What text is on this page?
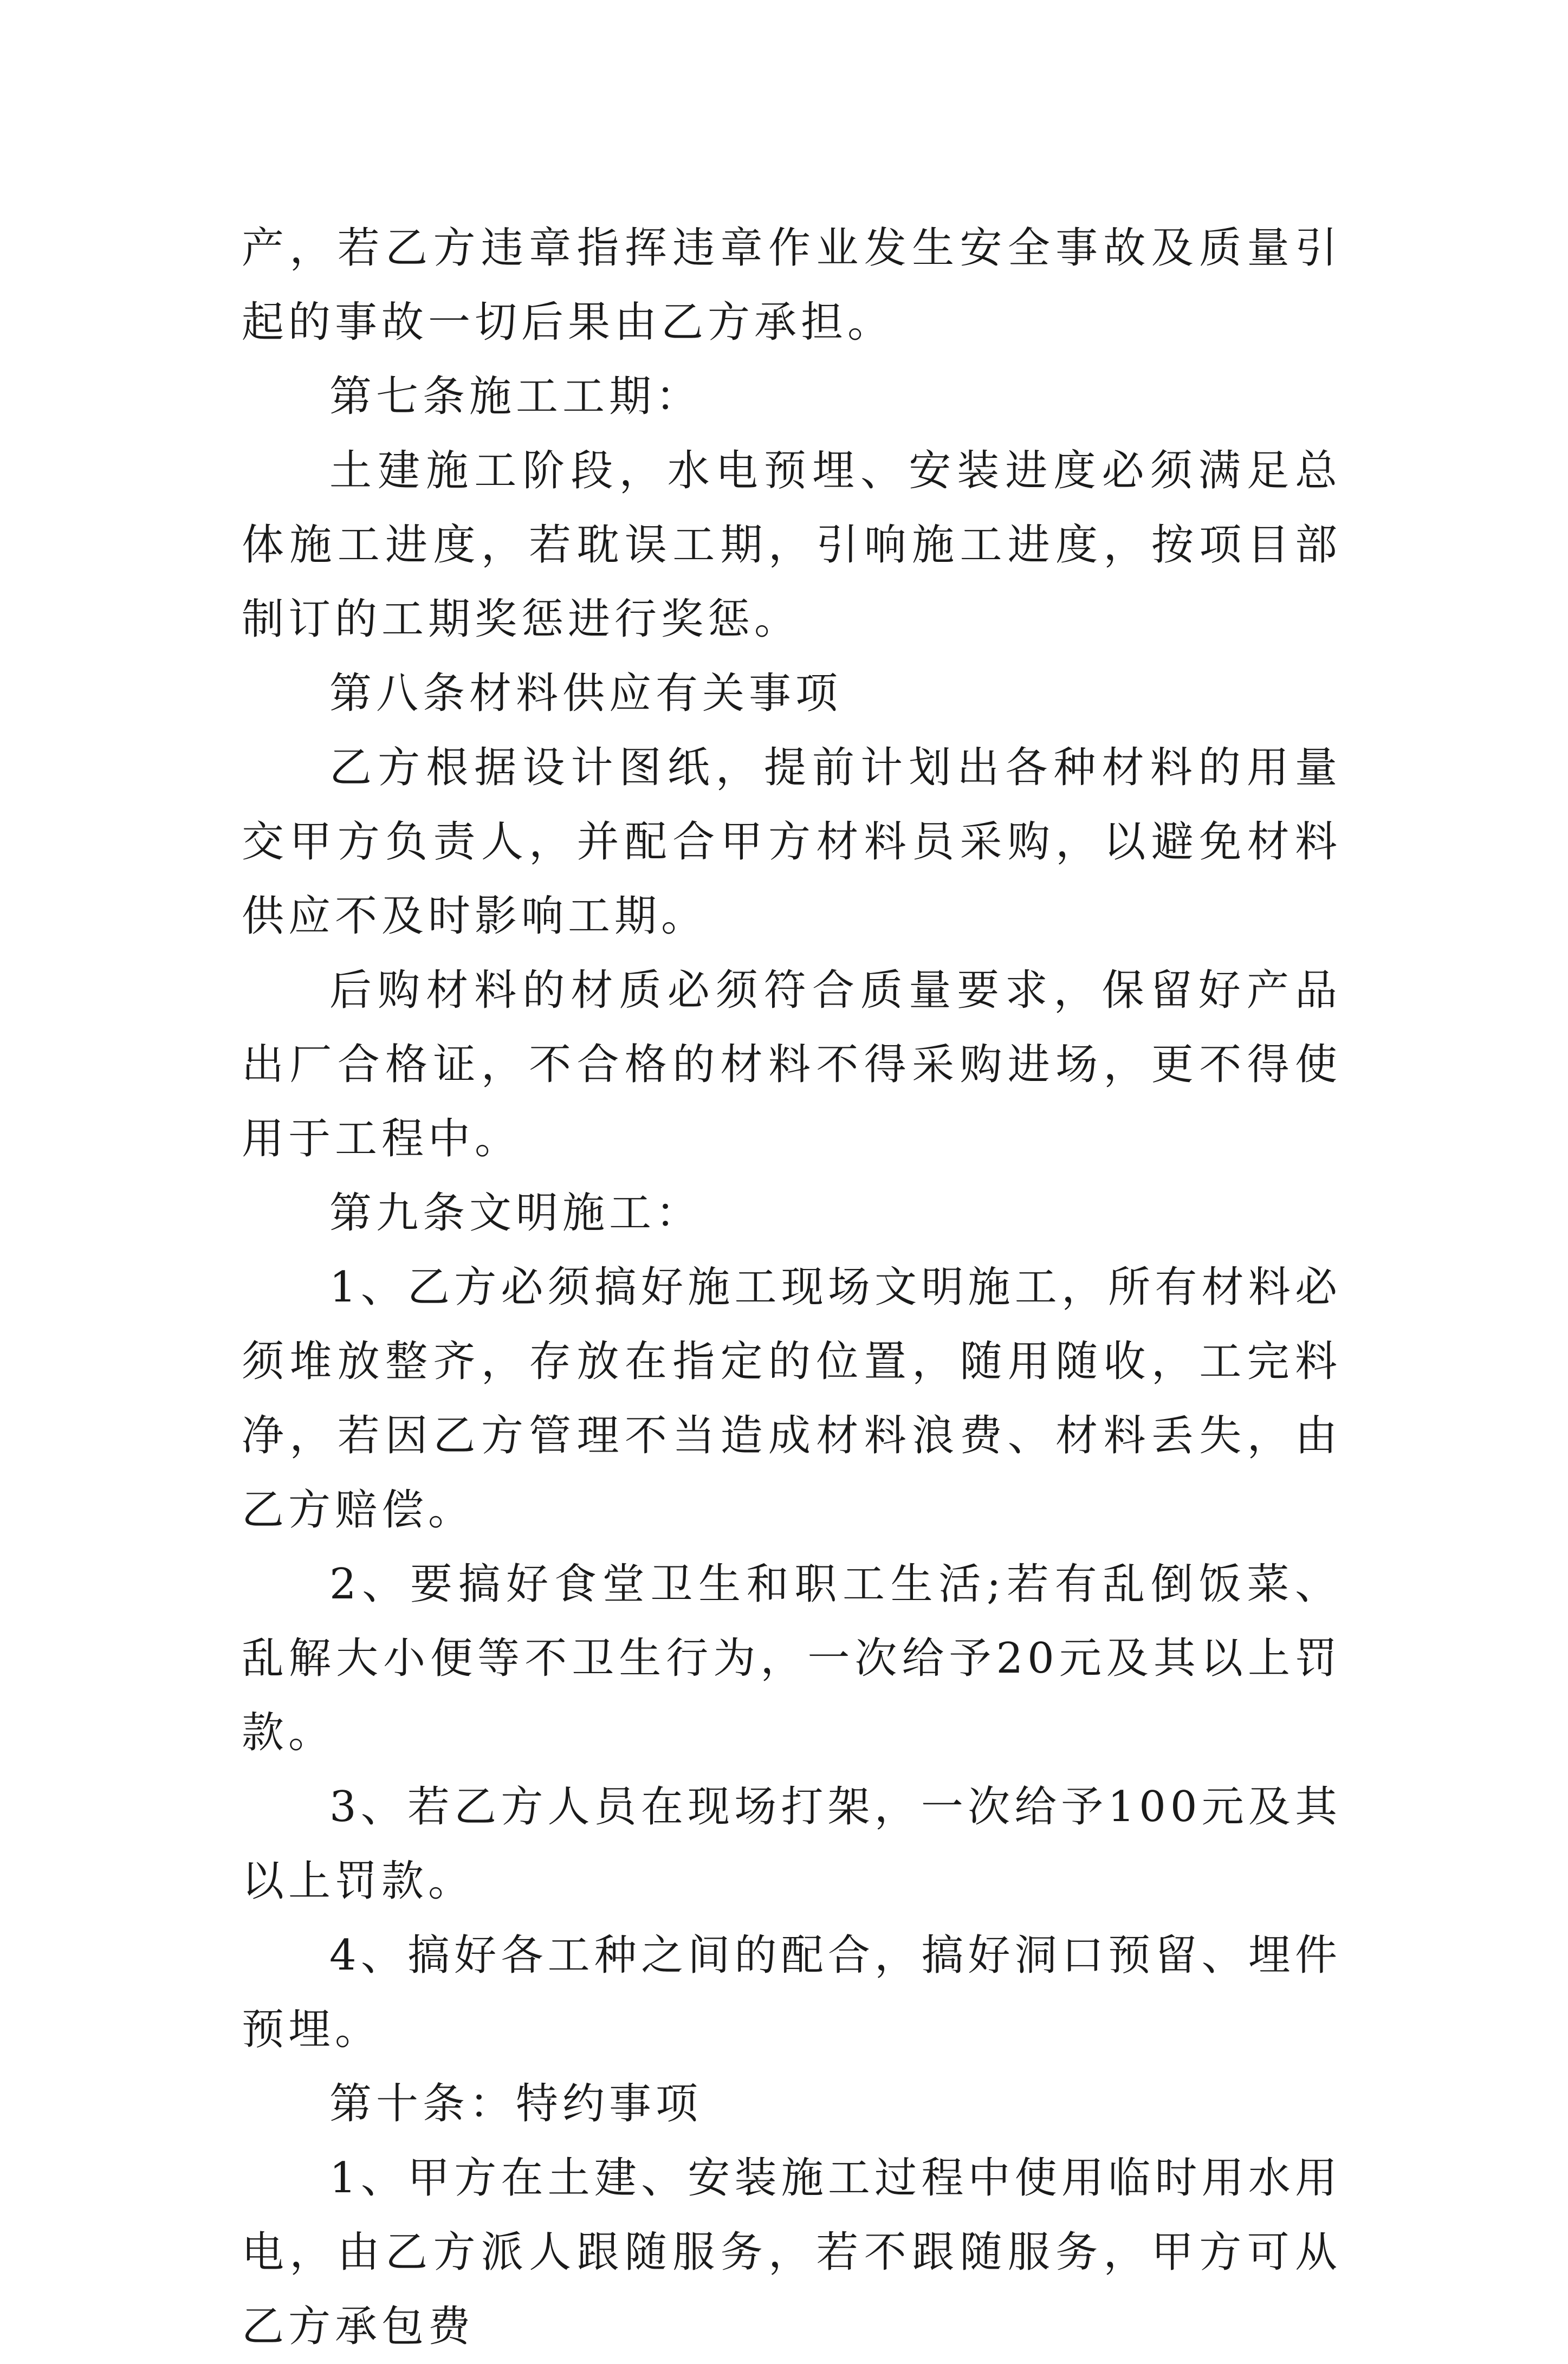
产，若乙方违章指挥违章作业发生安全事故及质量引起的事故一切后果由乙方承担。

第七条施工工期：

土建施工阶段，水电预埋、安装进度必须满足总体施工进度，若耽误工期，引响施工进度，按项目部制订的工期奖惩进行奖惩。

第八条材料供应有关事项

乙方根据设计图纸，提前计划出各种材料的用量交甲方负责人，并配合甲方材料员采购，以避免材料供应不及时影响工期。

后购材料的材质必须符合质量要求，保留好产品出厂合格证，不合格的材料不得采购进场，更不得使用于工程中。

第九条文明施工：

1、乙方必须搞好施工现场文明施工，所有材料必须堆放整齐，存放在指定的位置，随用随收，工完料净，若因乙方管理不当造成材料浪费、材料丢失，由乙方赔偿。

2、要搞好食堂卫生和职工生活;若有乱倒饭菜、乱解大小便等不卫生行为，一次给予20元及其以上罚款。

3、若乙方人员在现场打架，一次给予100元及其以上罚款。

4、搞好各工种之间的配合，搞好洞口预留、埋件预埋。

第十条：特约事项

1、甲方在土建、安装施工过程中使用临时用水用电，由乙方派人跟随服务，若不跟随服务，甲方可从乙方承包费
